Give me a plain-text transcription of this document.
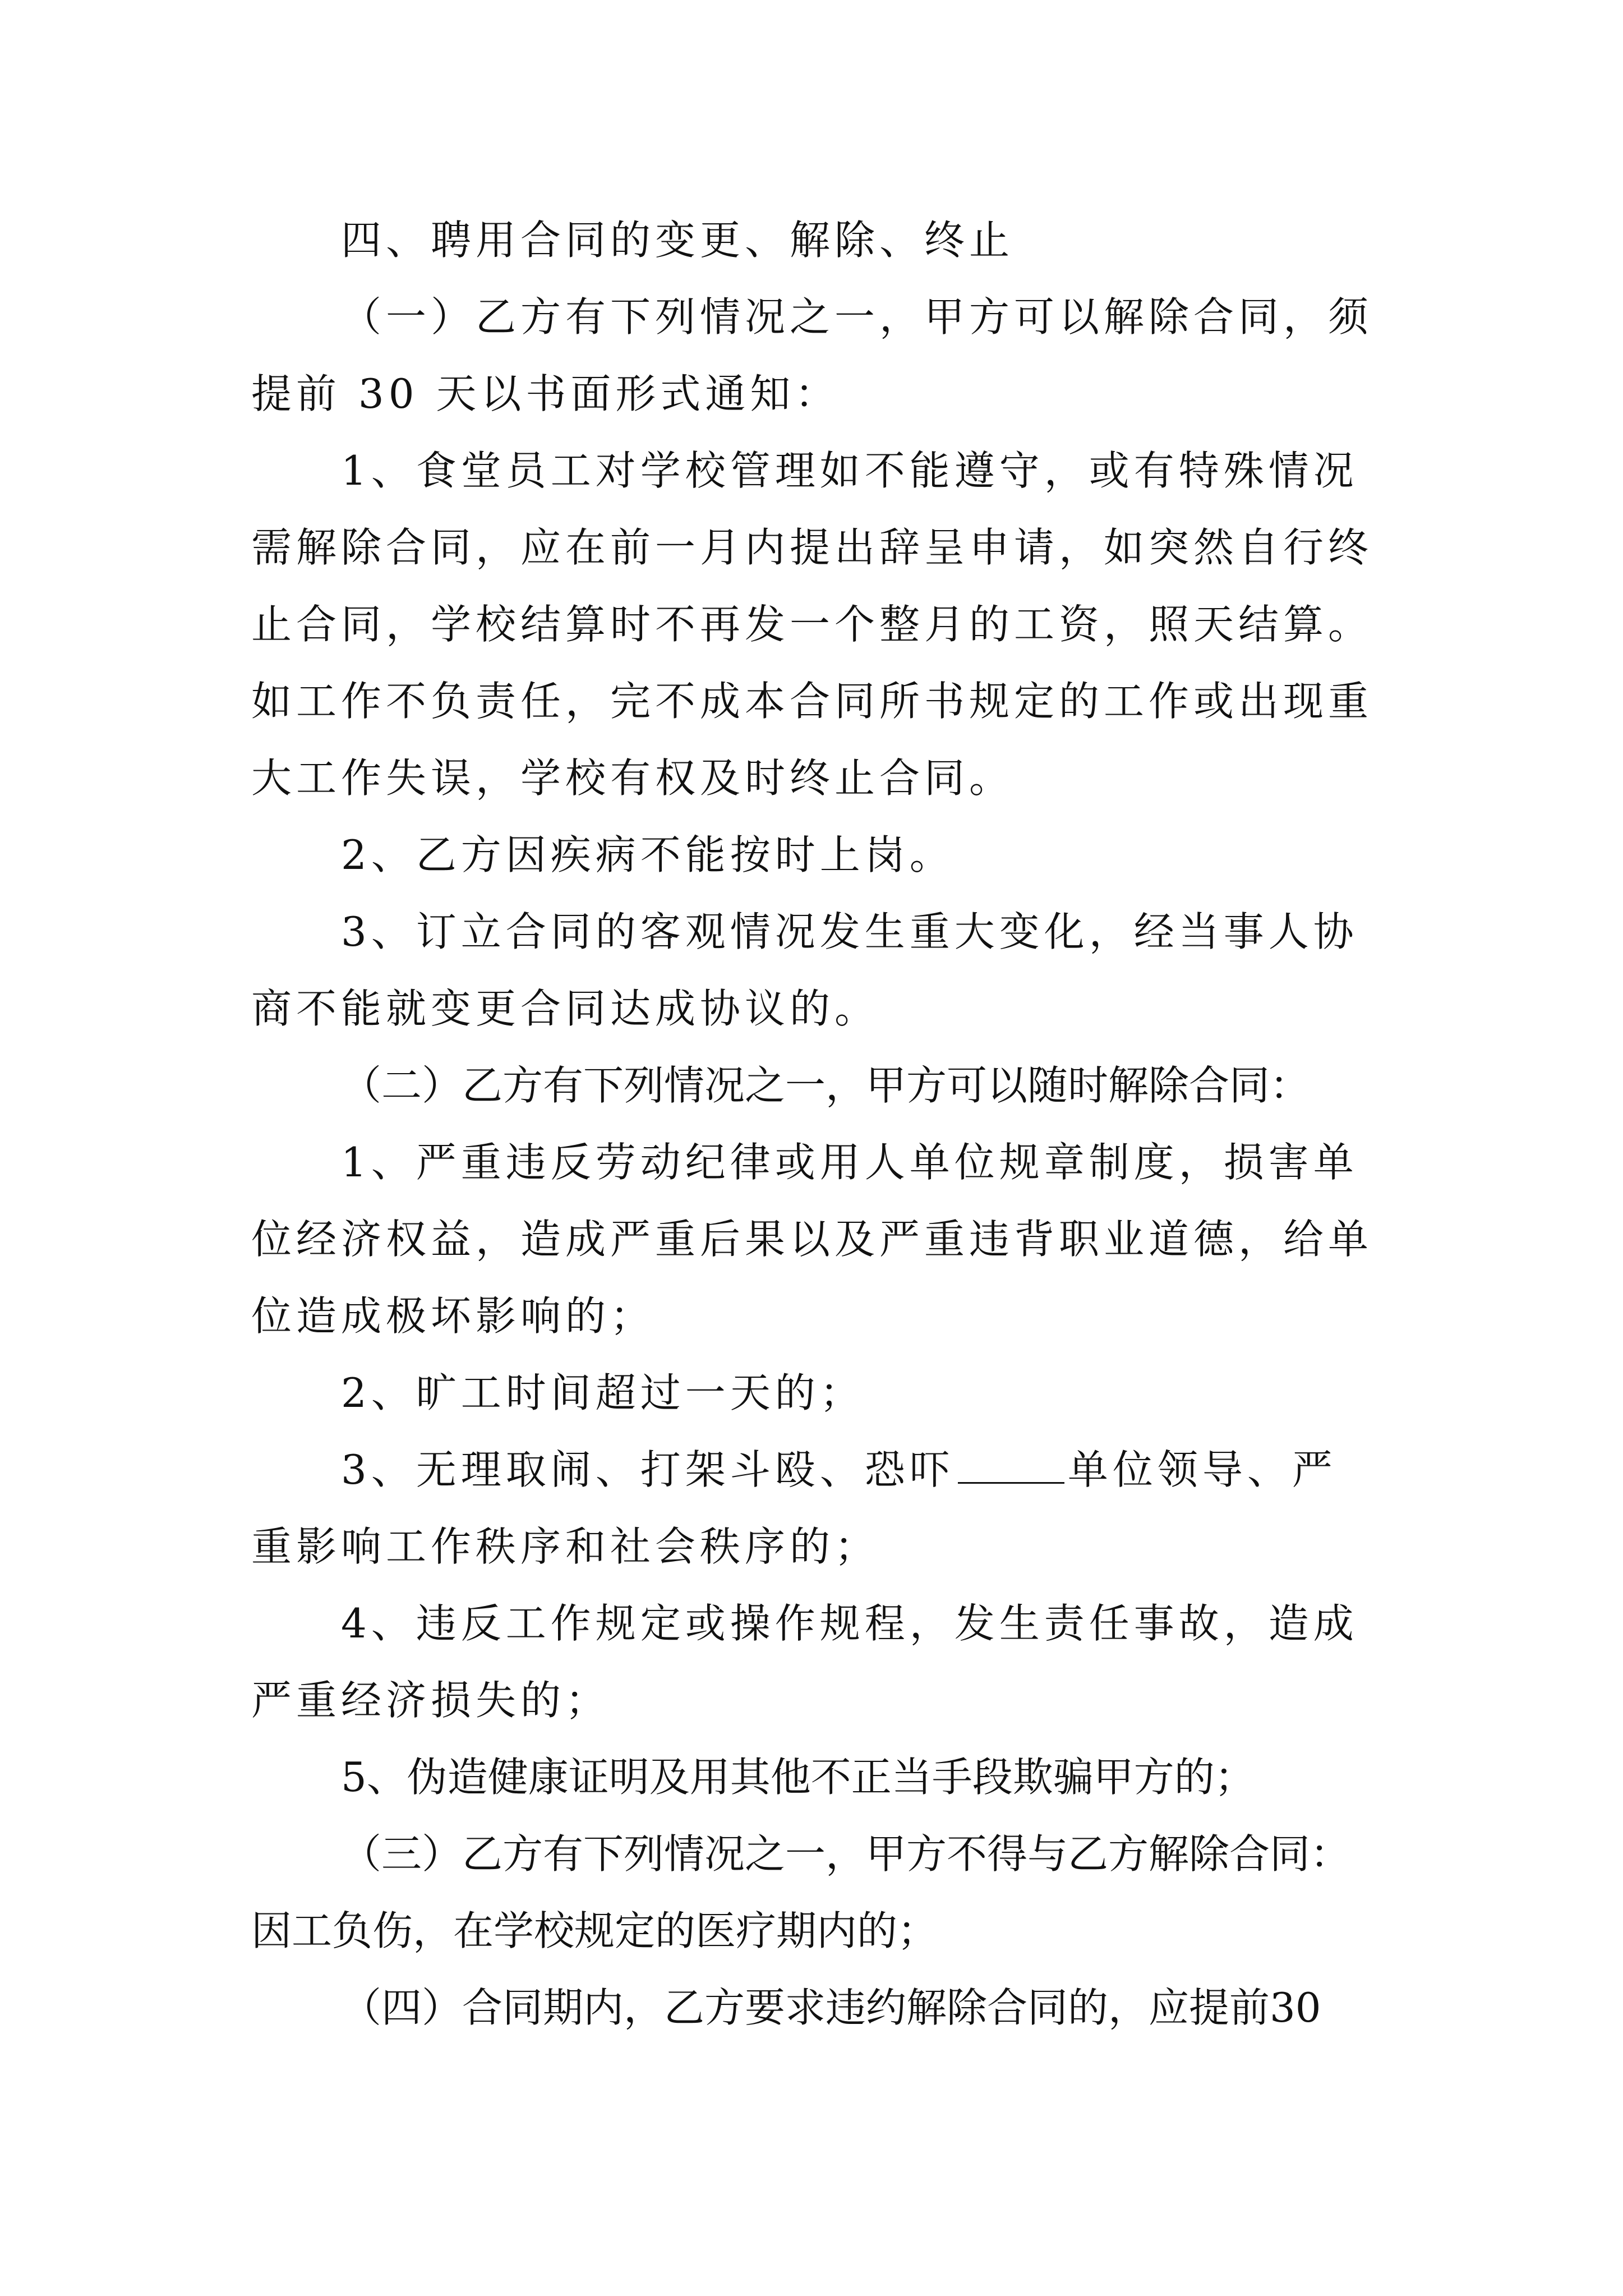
四、聘用合同的变更、解除、终止

（一）乙方有下列情况之一，甲方可以解除合同，须提前 30 天以书面形式通知：

1、食堂员工对学校管理如不能遵守，或有特殊情况需解除合同，应在前一月内提出辞呈申请，如突然自行终止合同，学校结算时不再发一个整月的工资，照天结算。如工作不负责任，完不成本合同所书规定的工作或出现重大工作失误，学校有权及时终止合同。

2、乙方因疾病不能按时上岗。

3、订立合同的客观情况发生重大变化，经当事人协商不能就变更合同达成协议的。

（二）乙方有下列情况之一，甲方可以随时解除合同：

1、严重违反劳动纪律或用人单位规章制度，损害单位经济权益，造成严重后果以及严重违背职业道德，给单位造成极坏影响的；

2、旷工时间超过一天的；

3、无理取闹、打架斗殴、恐吓	单位领导、严重影响工作秩序和社会秩序的；

4、违反工作规定或操作规程，发生责任事故，造成严重经济损失的；

5、伪造健康证明及用其他不正当手段欺骗甲方的；

（三）乙方有下列情况之一，甲方不得与乙方解除合同：因工负伤，在学校规定的医疗期内的；

（四）合同期内，乙方要求违约解除合同的，应提前30
